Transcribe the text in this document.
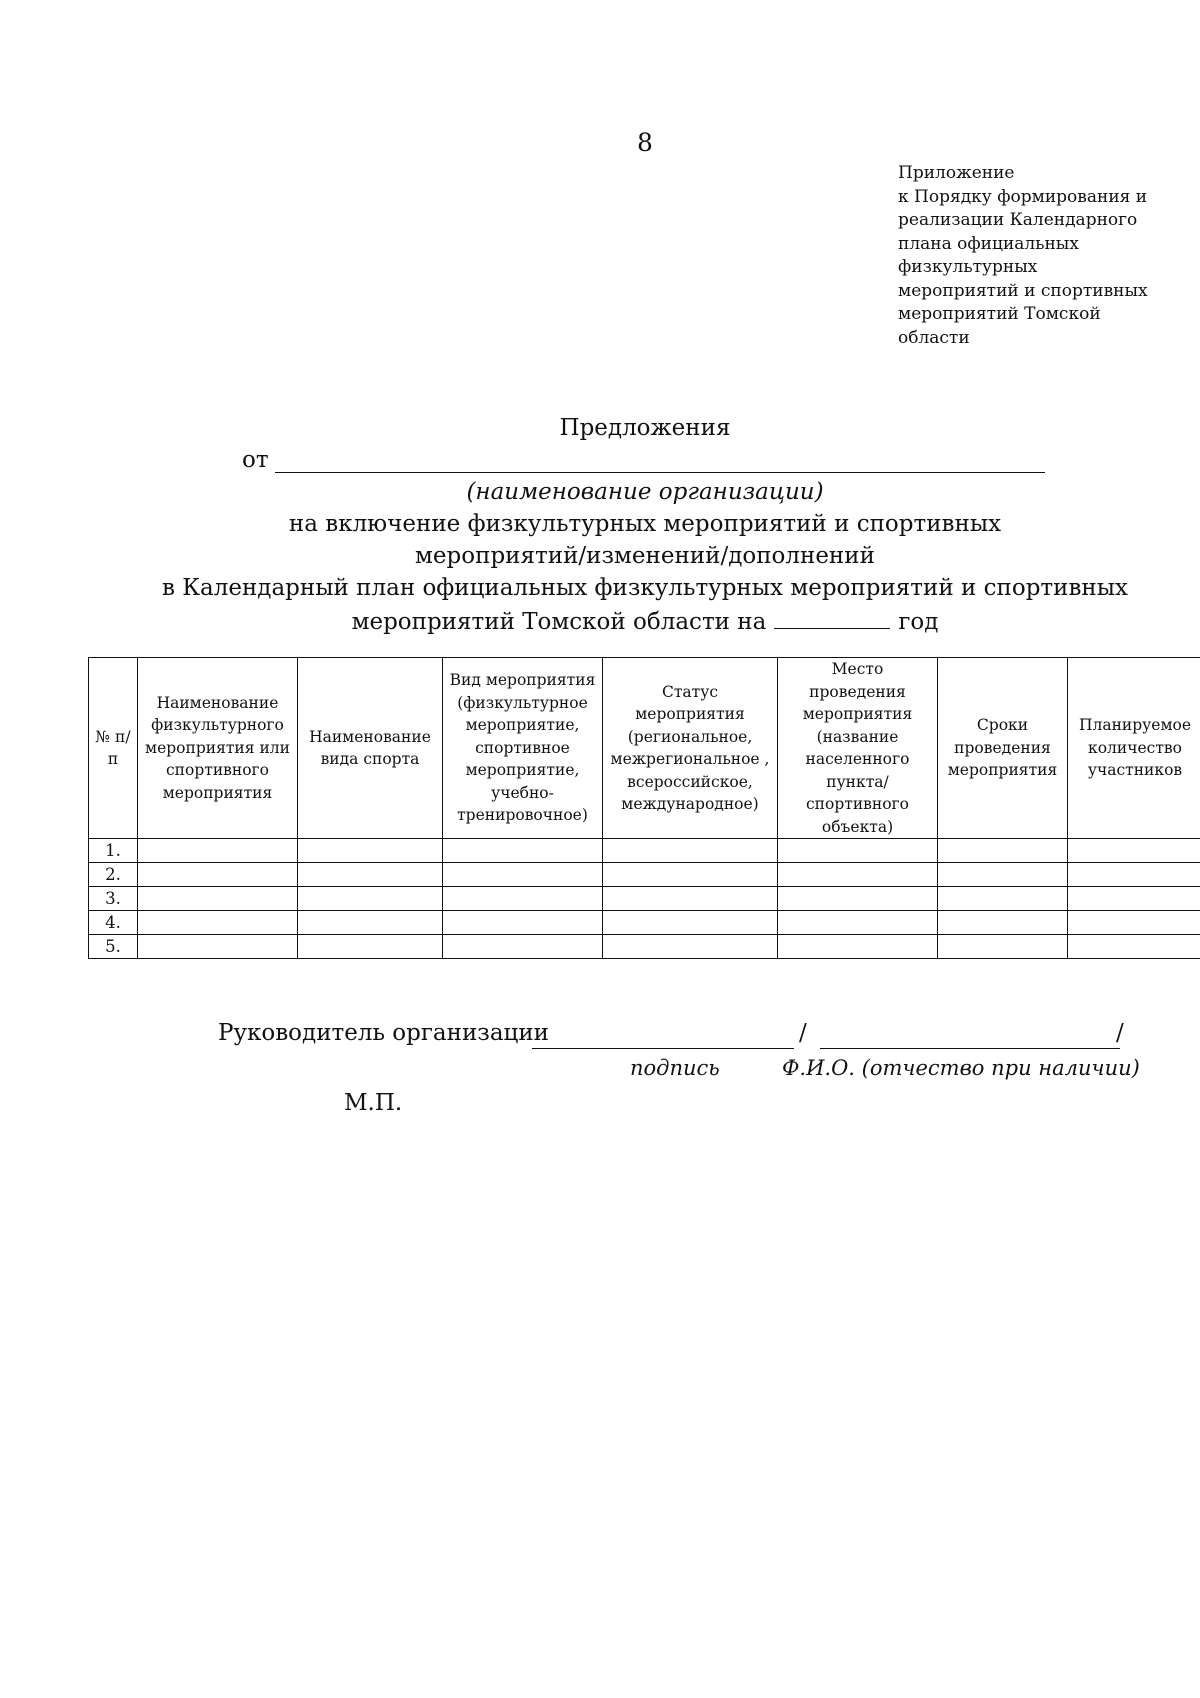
8
Приложение
к Порядку формирования и
реализации Календарного
плана официальных
физкультурных
мероприятий и спортивных
мероприятий Томской
области
Предложения
от
(наименование организации)
на включение физкультурных мероприятий и спортивных
мероприятий/изменений/дополнений
в Календарный план официальных физкультурных мероприятий и спортивных
мероприятий Томской области на	год
№ п/п	Наименование физкультурного мероприятия или спортивного мероприятия	Наименование вида спорта	Вид мероприятия (физкультурное мероприятие, спортивное мероприятие, учебно-тренировочное)	Статус мероприятия (региональное, межрегиональное , всероссийское, международное)	Место проведения мероприятия (название населенного пункта/ спортивного объекта)	Сроки проведения мероприятия	Планируемое количество участников
1.							
2.							
3.							
4.							
5.							
Руководитель организации	/	/
подпись	Ф.И.О. (отчество при наличии)
М.П.
